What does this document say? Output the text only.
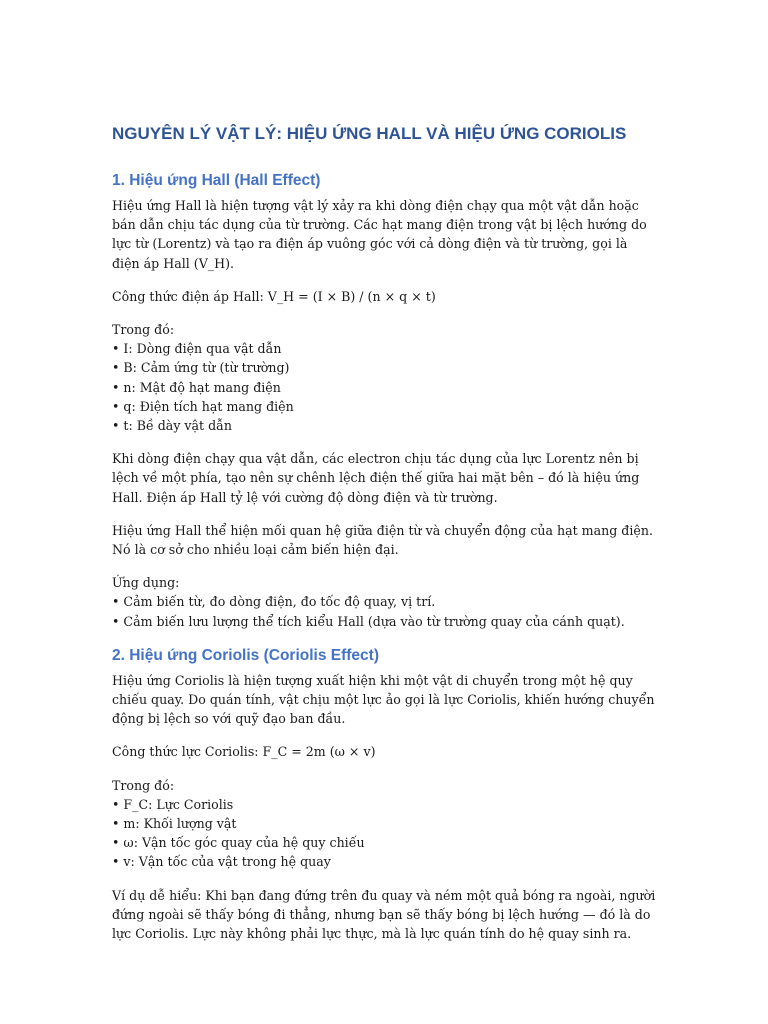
NGUYÊN LÝ VẬT LÝ: HIỆU ỨNG HALL VÀ HIỆU ỨNG CORIOLIS
1. Hiệu ứng Hall (Hall Effect)

Hiệu ứng Hall là hiện tượng vật lý xảy ra khi dòng điện chạy qua một vật dẫn hoặc bán dẫn chịu tác dụng của từ trường. Các hạt mang điện trong vật bị lệch hướng do lực từ (Lorentz) và tạo ra điện áp vuông góc với cả dòng điện và từ trường, gọi là điện áp Hall (V_H).

Công thức điện áp Hall: V_H = (I × B) / (n × q × t)

Trong đó:

• I: Dòng điện qua vật dẫn

• B: Cảm ứng từ (từ trường)

• n: Mật độ hạt mang điện

• q: Điện tích hạt mang điện

• t: Bề dày vật dẫn

Khi dòng điện chạy qua vật dẫn, các electron chịu tác dụng của lực Lorentz nên bị lệch về một phía, tạo nên sự chênh lệch điện thế giữa hai mặt bên – đó là hiệu ứng Hall. Điện áp Hall tỷ lệ với cường độ dòng điện và từ trường.

Hiệu ứng Hall thể hiện mối quan hệ giữa điện từ và chuyển động của hạt mang điện. Nó là cơ sở cho nhiều loại cảm biến hiện đại.

Ứng dụng:

• Cảm biến từ, đo dòng điện, đo tốc độ quay, vị trí.

• Cảm biến lưu lượng thể tích kiểu Hall (dựa vào từ trường quay của cánh quạt).

2. Hiệu ứng Coriolis (Coriolis Effect)

Hiệu ứng Coriolis là hiện tượng xuất hiện khi một vật di chuyển trong một hệ quy chiếu quay. Do quán tính, vật chịu một lực ảo gọi là lực Coriolis, khiến hướng chuyển động bị lệch so với quỹ đạo ban đầu.

Công thức lực Coriolis: F_C = 2m (ω × v)

Trong đó:

• F_C: Lực Coriolis

• m: Khối lượng vật

• ω: Vận tốc góc quay của hệ quy chiếu

• v: Vận tốc của vật trong hệ quay

Ví dụ dễ hiểu: Khi bạn đang đứng trên đu quay và ném một quả bóng ra ngoài, người đứng ngoài sẽ thấy bóng đi thẳng, nhưng bạn sẽ thấy bóng bị lệch hướng — đó là do lực Coriolis. Lực này không phải lực thực, mà là lực quán tính do hệ quay sinh ra.
